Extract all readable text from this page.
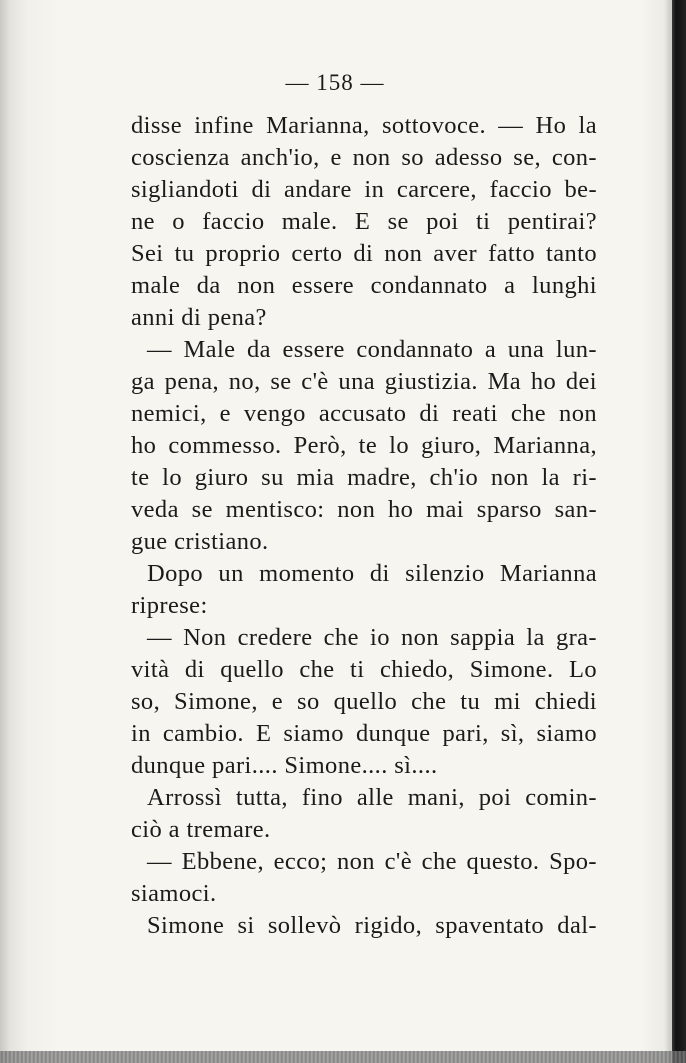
— 158 —
disse infine Marianna, sottovoce. — Ho la
coscienza anch'io, e non so adesso se, con-
sigliandoti di andare in carcere, faccio be-
ne o faccio male. E se poi ti pentirai?
Sei tu proprio certo di non aver fatto tanto
male da non essere condannato a lunghi
anni di pena?
— Male da essere condannato a una lun-
ga pena, no, se c'è una giustizia. Ma ho dei
nemici, e vengo accusato di reati che non
ho commesso. Però, te lo giuro, Marianna,
te lo giuro su mia madre, ch'io non la ri-
veda se mentisco: non ho mai sparso san-
gue cristiano.
Dopo un momento di silenzio Marianna
riprese:
— Non credere che io non sappia la gra-
vità di quello che ti chiedo, Simone. Lo
so, Simone, e so quello che tu mi chiedi
in cambio. E siamo dunque pari, sì, siamo
dunque pari.... Simone.... sì....
Arrossì tutta, fino alle mani, poi comin-
ciò a tremare.
— Ebbene, ecco; non c'è che questo. Spo-
siamoci.
Simone si sollevò rigido, spaventato dal-
